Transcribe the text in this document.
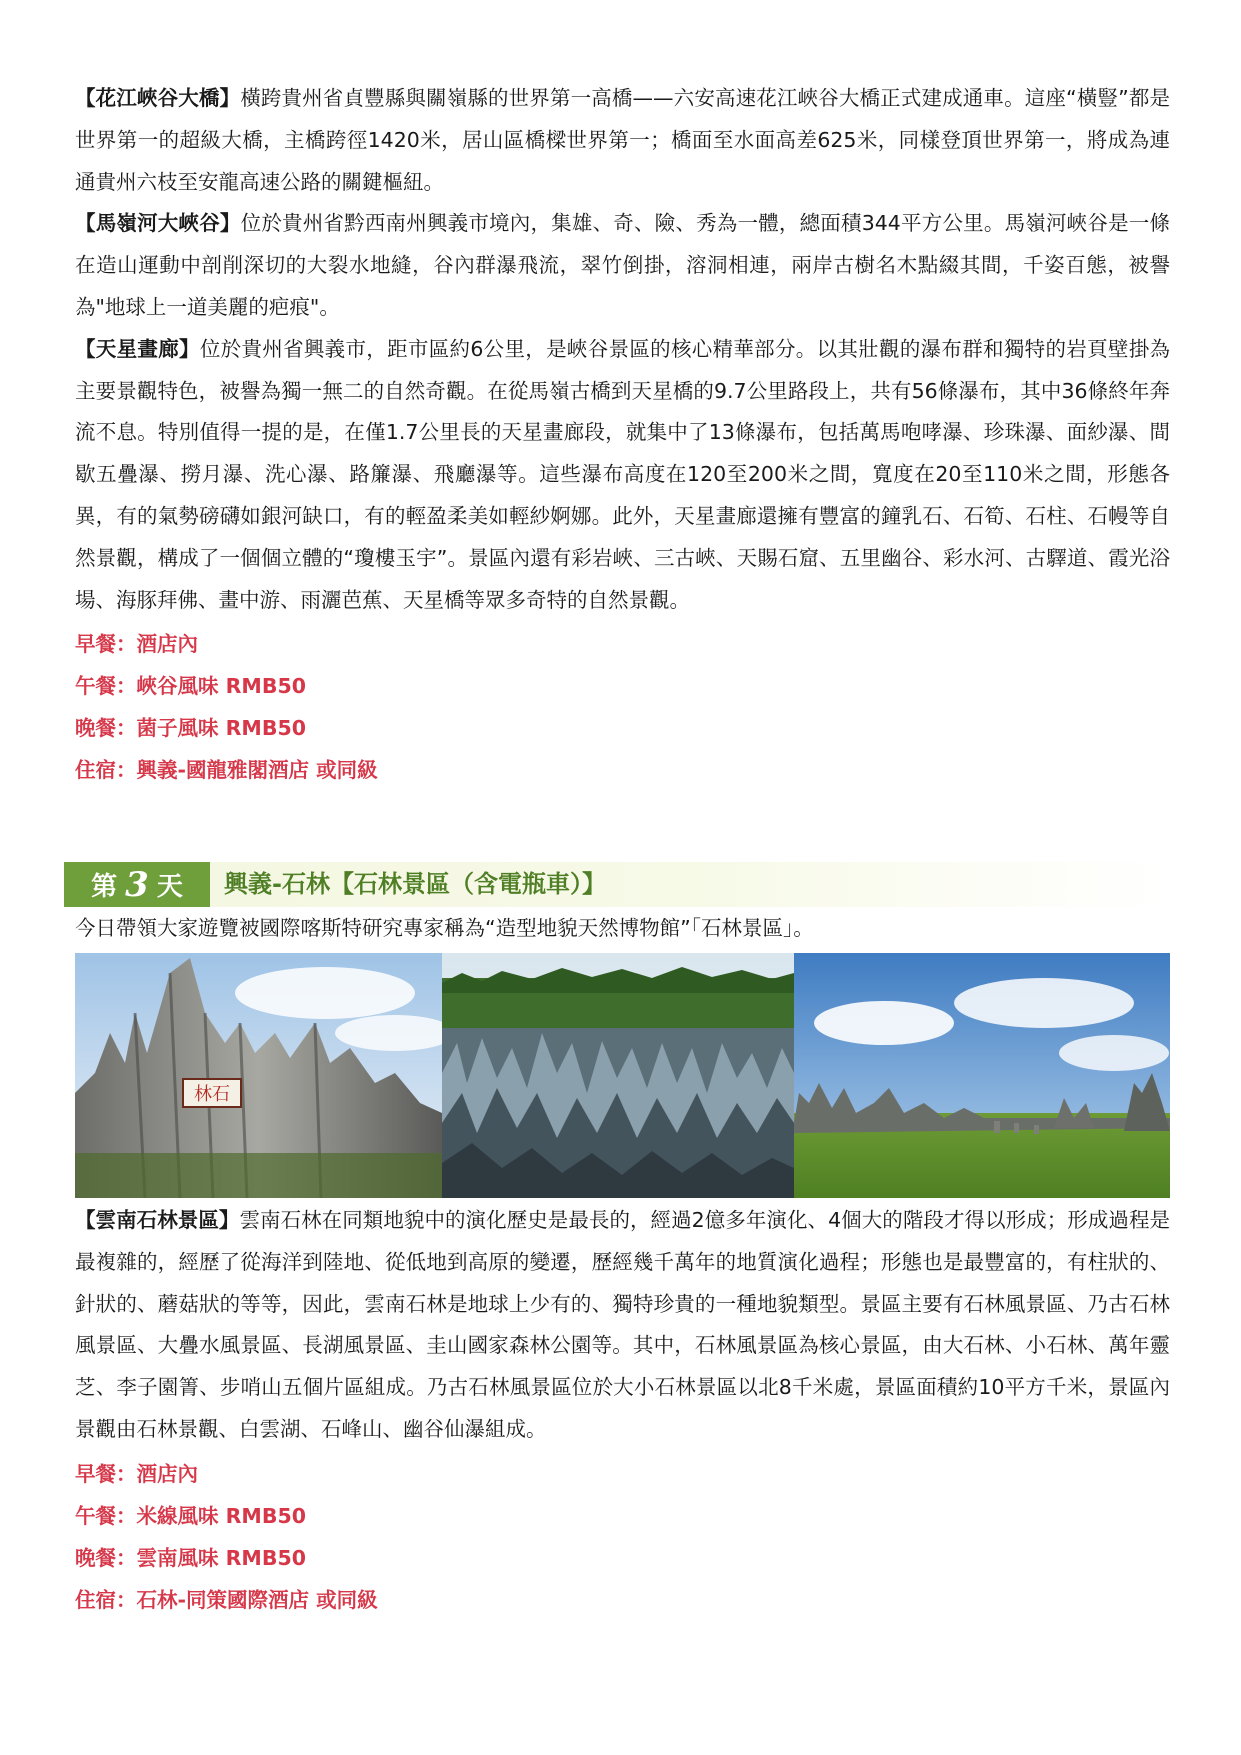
【花江峽谷大橋】橫跨貴州省貞豐縣與關嶺縣的世界第一高橋——六安高速花江峽谷大橋正式建成通車。這座“橫豎”都是世界第一的超級大橋，主橋跨徑1420米，居山區橋樑世界第一；橋面至水面高差625米，同樣登頂世界第一，將成為連通貴州六枝至安龍高速公路的關鍵樞紐。

【馬嶺河大峽谷】位於貴州省黔西南州興義市境內，集雄、奇、險、秀為一體，總面積344平方公里。馬嶺河峽谷是一條在造山運動中剖削深切的大裂水地縫，谷內群瀑飛流，翠竹倒掛，溶洞相連，兩岸古樹名木點綴其間，千姿百態，被譽為"地球上一道美麗的疤痕"。

【天星畫廊】位於貴州省興義市，距市區約6公里，是峽谷景區的核心精華部分。以其壯觀的瀑布群和獨特的岩頁壁掛為主要景觀特色，被譽為獨一無二的自然奇觀。在從馬嶺古橋到天星橋的9.7公里路段上，共有56條瀑布，其中36條終年奔流不息。特別值得一提的是，在僅1.7公里長的天星畫廊段，就集中了13條瀑布，包括萬馬咆哮瀑、珍珠瀑、面紗瀑、間歇五疊瀑、撈月瀑、洗心瀑、路簾瀑、飛廳瀑等。這些瀑布高度在120至200米之間，寬度在20至110米之間，形態各異，有的氣勢磅礴如銀河缺口，有的輕盈柔美如輕紗婀娜。此外，天星畫廊還擁有豐富的鐘乳石、石筍、石柱、石幔等自然景觀，構成了一個個立體的“瓊樓玉宇”。景區內還有彩岩峽、三古峽、天賜石窟、五里幽谷、彩水河、古驛道、霞光浴場、海豚拜佛、畫中游、雨灑芭蕉、天星橋等眾多奇特的自然景觀。

早餐：酒店內

午餐：峽谷風味 RMB50

晚餐：菌子風味 RMB50

住宿：興義-國龍雅閣酒店 或同級

第 3 天 興義-石林【石林景區（含電瓶車）】
今日帶領大家遊覽被國際喀斯特研究專家稱為“造型地貌天然博物館”「石林景區」。
林石

【雲南石林景區】雲南石林在同類地貌中的演化歷史是最長的，經過2億多年演化、4個大的階段才得以形成；形成過程是最複雜的，經歷了從海洋到陸地、從低地到高原的變遷，歷經幾千萬年的地質演化過程；形態也是最豐富的，有柱狀的、針狀的、蘑菇狀的等等，因此，雲南石林是地球上少有的、獨特珍貴的一種地貌類型。景區主要有石林風景區、乃古石林風景區、大疊水風景區、長湖風景區、圭山國家森林公園等。其中，石林風景區為核心景區，由大石林、小石林、萬年靈芝、李子園箐、步哨山五個片區組成。乃古石林風景區位於大小石林景區以北8千米處，景區面積約10平方千米，景區內景觀由石林景觀、白雲湖、石峰山、幽谷仙瀑組成。

早餐：酒店內

午餐：米線風味 RMB50

晚餐：雲南風味 RMB50

住宿：石林-同策國際酒店 或同級
